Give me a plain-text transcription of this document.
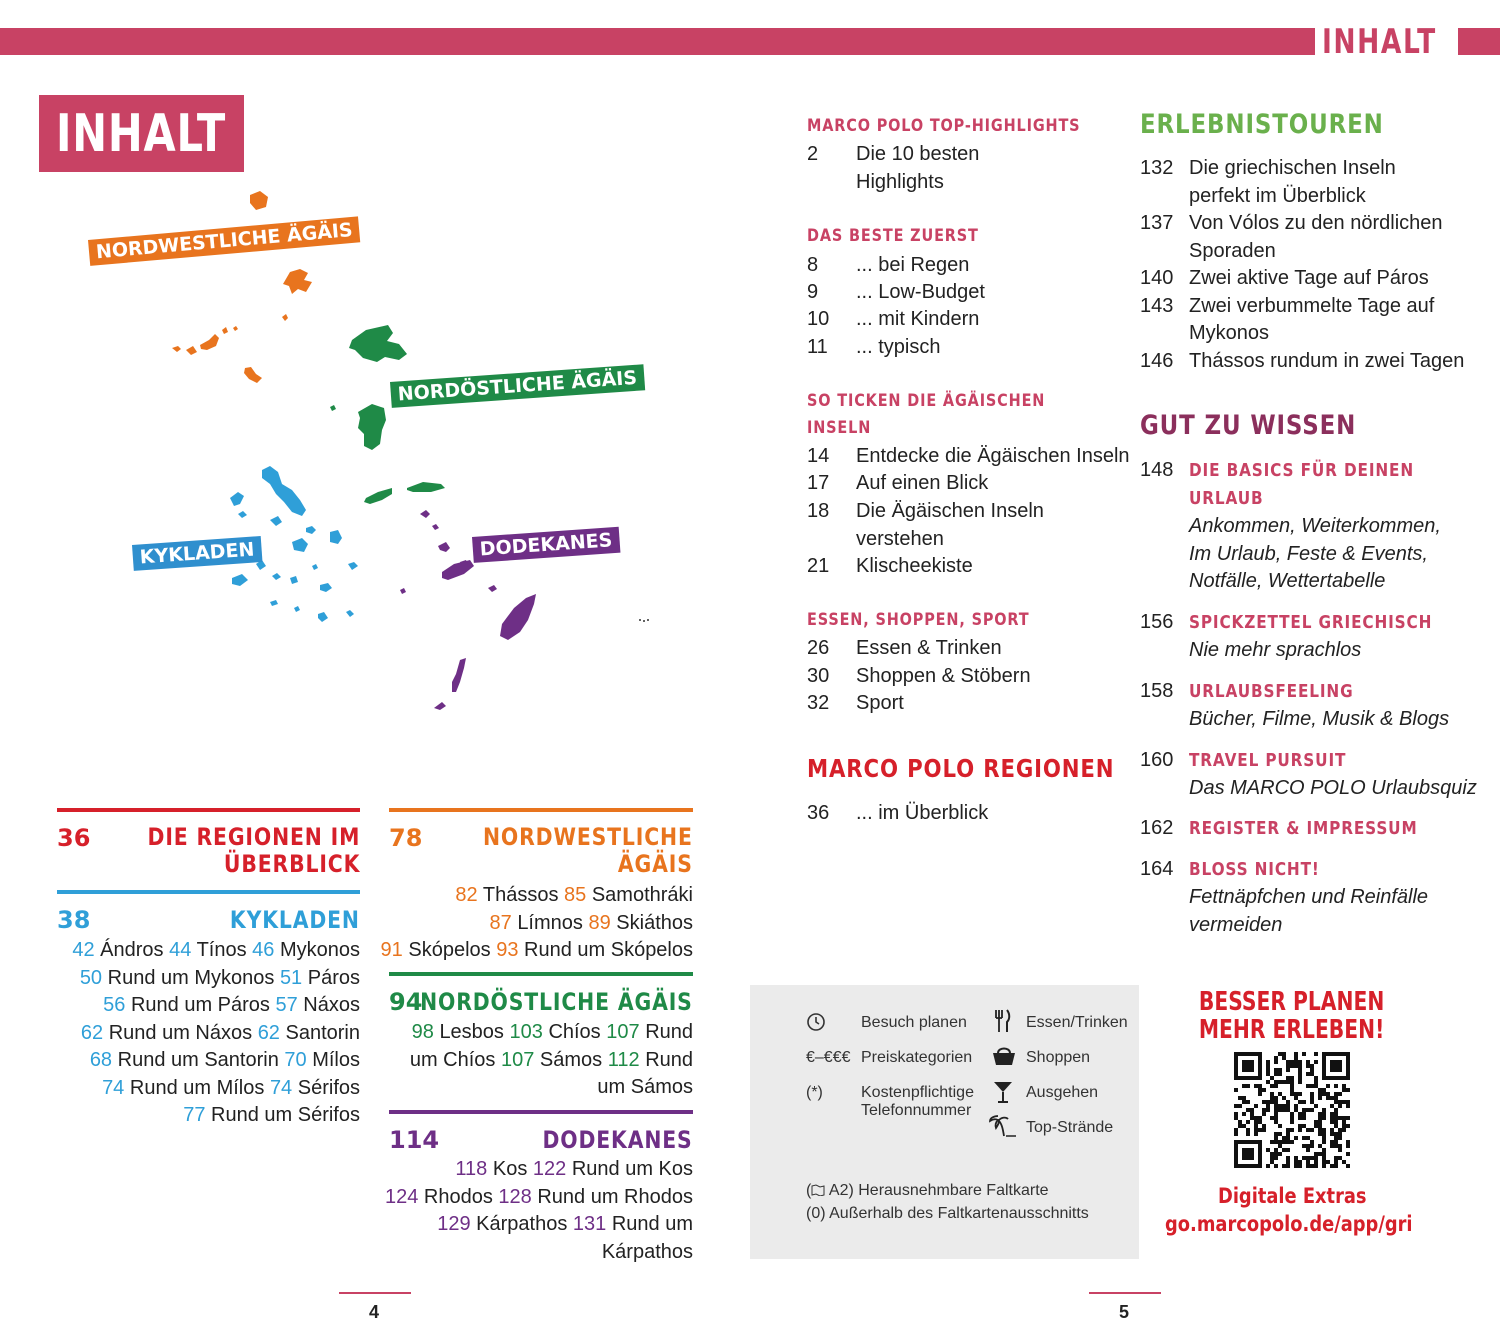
INHALT
INHALT
NORDWESTLICHE ÄGÄIS
NORDÖSTLICHE ÄGÄIS
KYKLADEN	DODEKANES
36 DIE REGIONEN IM
ÜBERBLICK
38	KYKLADEN
42 Ándros 44 Tínos 46 Mykonos
50 Rund um Mykonos 51 Páros
56 Rund um Páros 57 Náxos
62 Rund um Náxos 62 Santorin
68 Rund um Santorin 70 Mílos
74 Rund um Mílos 74 Sérifos
77 Rund um Sérifos
78	NORDWESTLICHE
ÄGÄIS
82 Thássos 85 Samothráki
87 Límnos 89 Skiáthos
91 Skópelos 93 Rund um Skópelos
94
NORDÖSTLICHE ÄGÄIS
98 Lesbos 103 Chíos 107 Rund
um Chíos 107 Sámos 112 Rund
um Sámos
114	DODEKANES
118 Kos 122 Rund um Kos
124 Rhodos 128 Rund um Rhodos
129 Kárpathos 131 Rund um
Kárpathos
MARCO POLO TOP-HIGHLIGHTS
2 Die 10 besten
Highlights
DAS BESTE ZUERST
8 ... bei Regen
9 ... Low-Budget
10 ... mit Kindern
11 ... typisch
SO TICKEN DIE ÄGÄISCHEN
INSELN
14 Entdecke die Ägäischen Inseln
17 Auf einen Blick
18 Die Ägäischen Inseln
verstehen
21 Klischeekiste
ESSEN, SHOPPEN, SPORT
26 Essen & Trinken
30 Shoppen & Stöbern
32 Sport
MARCO POLO REGIONEN
36 ... im Überblick
ERLEBNISTOUREN
132 Die griechischen Inseln
perfekt im Überblick
137 Von Vólos zu den nördlichen
Sporaden
140 Zwei aktive Tage auf Páros
143 Zwei verbummelte Tage auf
Mykonos
146 Thássos rundum in zwei Tagen
GUT ZU WISSEN
148 DIE BASICS FÜR DEINEN
URLAUB
Ankommen, Weiterkommen,
Im Urlaub, Feste & Events,
Notfälle, Wettertabelle
156 SPICKZETTEL GRIECHISCH
Nie mehr sprachlos
158 URLAUBSFEELING
Bücher, Filme, Musik & Blogs
160 TRAVEL PURSUIT
Das MARCO POLO Urlaubsquiz
162 REGISTER & IMPRESSUM
164 BLOSS NICHT!
Fettnäpfchen und Reinfälle
vermeiden
Besuch planen
€–€€€ Preiskategorien
(*) Kostenpflichtige
Telefonnummer
Essen/Trinken
Shoppen
Ausgehen
Top-Strände
( A2) Herausnehmbare Faltkarte
(0) Außerhalb des Faltkartenausschnitts
BESSER PLANEN
MEHR ERLEBEN!
Digitale Extras
go.marcopolo.de/app/gri
4	5
